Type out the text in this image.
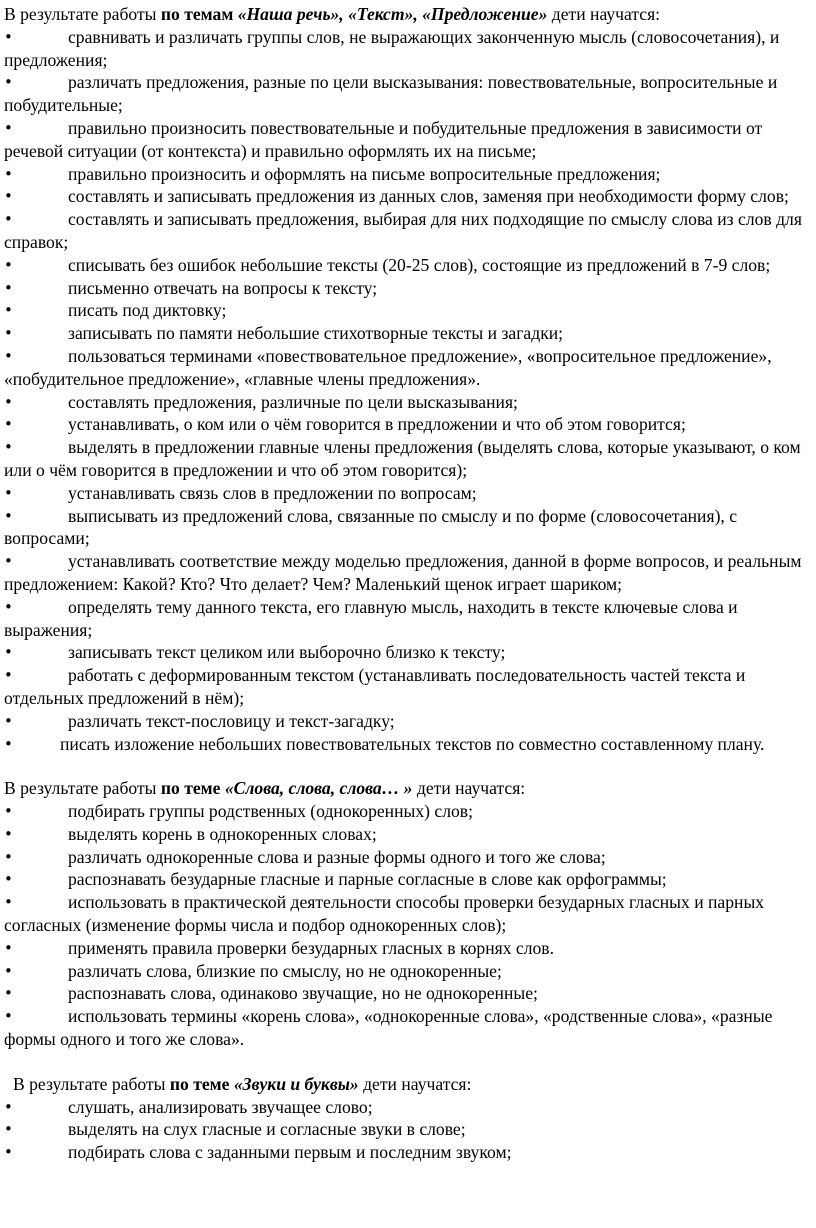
В результате работы по темам «Наша речь», «Текст», «Предложение» дети научатся:

•	сравнивать и различать группы слов, не выражающих законченную мысль (словосочетания), и предложения;

•	различать предложения, разные по цели высказывания: повествовательные, вопросительные и побудительные;

•	правильно произносить повествовательные и побудительные предложения в зависимости от речевой ситуации (от контекста) и правильно оформлять их на письме;

•	правильно произносить и оформлять на письме вопросительные предложения;

•	составлять и записывать предложения из данных слов, заменяя при необходимости форму слов;

•	составлять и записывать предложения, выбирая для них подходящие по смыслу слова из слов для справок;

•	списывать без ошибок небольшие тексты (20-25 слов), состоящие из предложений в 7-9 слов;

•	письменно отвечать на вопросы к тексту;

•	писать под диктовку;

•	записывать по памяти небольшие стихотворные тексты и загадки;

•	пользоваться терминами «повествовательное предложение», «вопросительное предложение», «побудительное предложение», «главные члены предложения».

•	составлять предложения, различные по цели высказывания;

•	устанавливать, о ком или о чём говорится в предложении и что об этом говорится;

•	выделять в предложении главные члены предложения (выделять слова, которые указывают, о ком или о чём говорится в предложении и что об этом говорится);

•	устанавливать связь слов в предложении по вопросам;

•	выписывать из предложений слова, связанные по смыслу и по форме (словосочетания), с вопросами;

•	устанавливать соответствие между моделью предложения, данной в форме вопросов, и реальным предложением: Какой? Кто? Что делает? Чем? Маленький щенок играет шариком;

•	определять тему данного текста, его главную мысль, находить в тексте ключевые слова и выражения;

•	записывать текст целиком или выборочно близко к тексту;

•	работать с деформированным текстом (устанавливать последовательность частей текста и отдельных предложений в нём);

•	различать текст-пословицу и текст-загадку;

•	писать изложение небольших повествовательных текстов по совместно составленному плану.

В результате работы по теме «Слова, слова, слова… » дети научатся:

•	подбирать группы родственных (однокоренных) слов;

•	выделять корень в однокоренных словах;

•	различать однокоренные слова и разные формы одного и того же слова;

•	распознавать безударные гласные и парные согласные в слове как орфограммы;

•	использовать в практической деятельности способы проверки безударных гласных и парных согласных (изменение формы числа и подбор однокоренных слов);

•	применять правила проверки безударных гласных в корнях слов.

•	различать слова, близкие по смыслу, но не однокоренные;

•	распознавать слова, одинаково звучащие, но не однокоренные;

•	использовать термины «корень слова», «однокоренные слова», «родственные слова», «разные формы одного и того же слова».

В результате работы по теме «Звуки и буквы» дети научатся:

•	слушать, анализировать звучащее слово;

•	выделять на слух гласные и согласные звуки в слове;

•	подбирать слова с заданными первым и последним звуком;
